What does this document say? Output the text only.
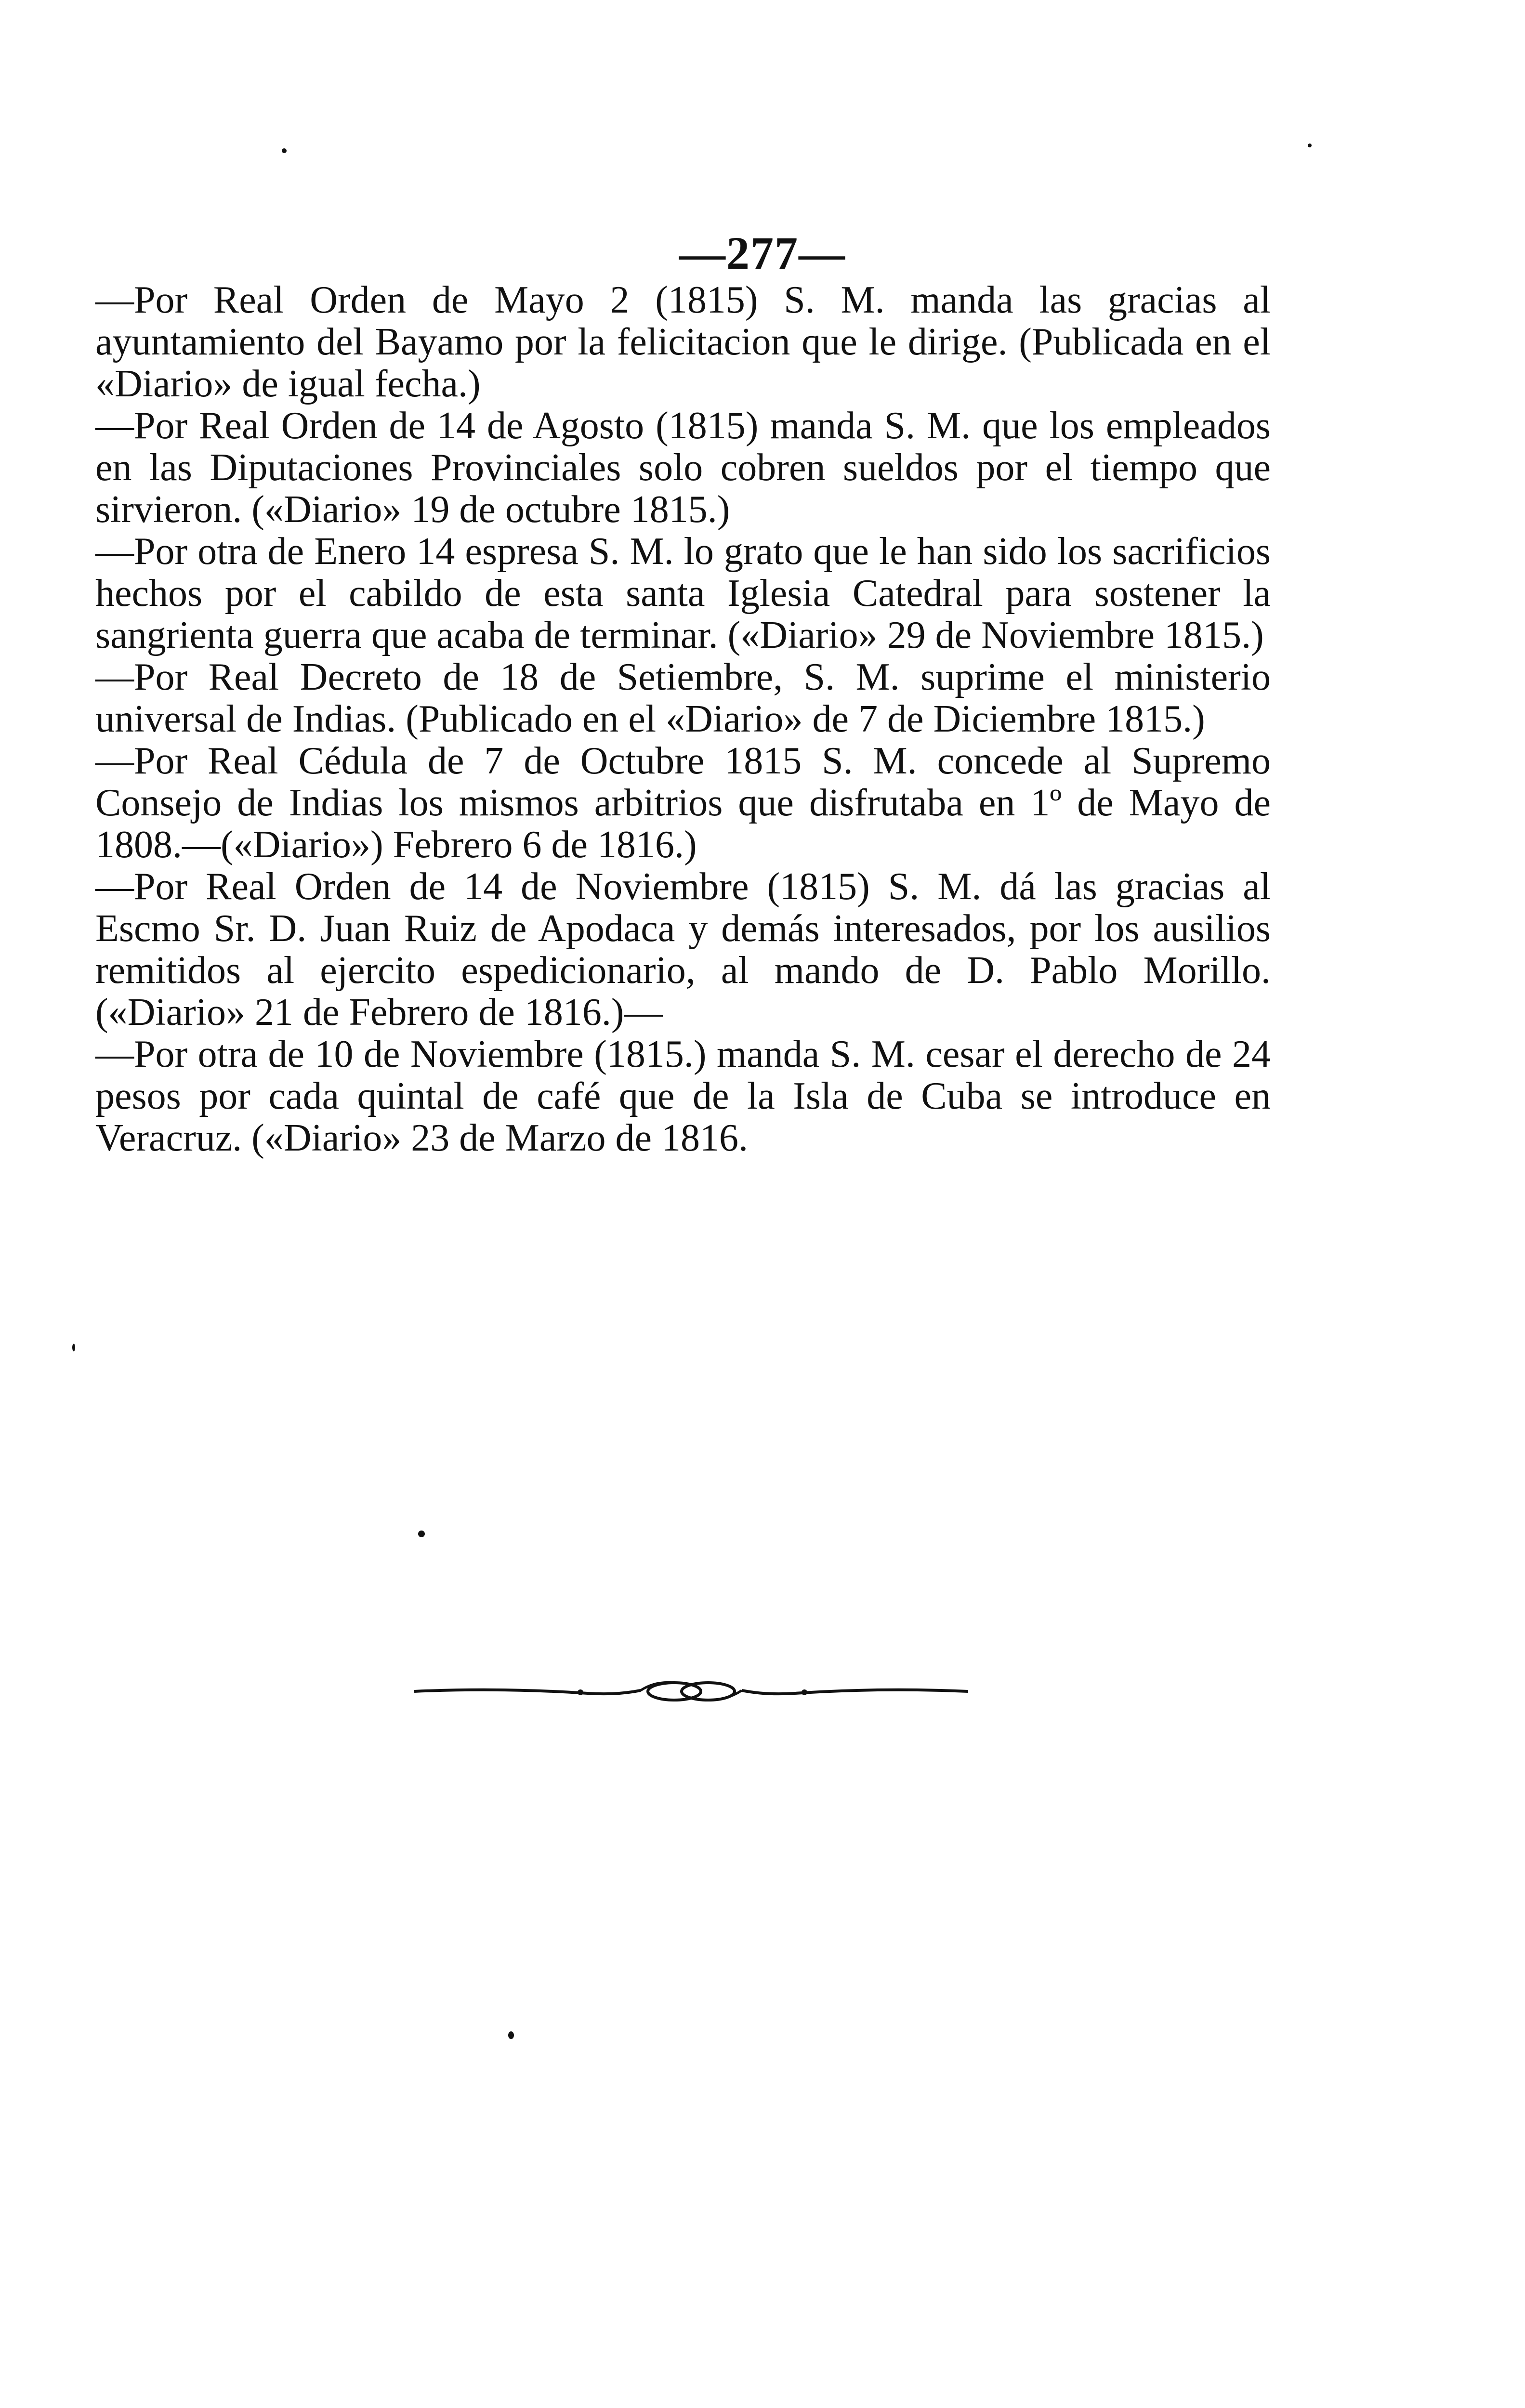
—277—

—Por Real Orden de Mayo 2 (1815) S. M. manda las gracias al ayuntamiento del Bayamo por la felicitacion que le dirige. (Publicada en el «Diario» de igual fecha.)

—Por Real Orden de 14 de Agosto (1815) manda S. M. que los empleados en las Diputaciones Provinciales solo cobren sueldos por el tiempo que sirvieron. («Diario» 19 de octubre 1815.)

—Por otra de Enero 14 espresa S. M. lo grato que le han sido los sacrificios hechos por el cabildo de esta santa Iglesia Catedral para sostener la sangrienta guerra que acaba de terminar. («Diario» 29 de Noviembre 1815.)

—Por Real Decreto de 18 de Setiembre, S. M. suprime el ministerio universal de Indias. (Publicado en el «Diario» de 7 de Diciembre 1815.)

—Por Real Cédula de 7 de Octubre 1815 S. M. concede al Supremo Consejo de Indias los mismos arbitrios que disfrutaba en 1º de Mayo de 1808.—(«Diario») Febrero 6 de 1816.)

—Por Real Orden de 14 de Noviembre (1815) S. M. dá las gracias al Escmo Sr. D. Juan Ruiz de Apodaca y demás interesados, por los ausilios remitidos al ejercito espedicionario, al mando de D. Pablo Morillo. («Diario» 21 de Febrero de 1816.)—

—Por otra de 10 de Noviembre (1815.) manda S. M. cesar el derecho de 24 pesos por cada quintal de café que de la Isla de Cuba se introduce en Veracruz. («Diario» 23 de Marzo de 1816.
